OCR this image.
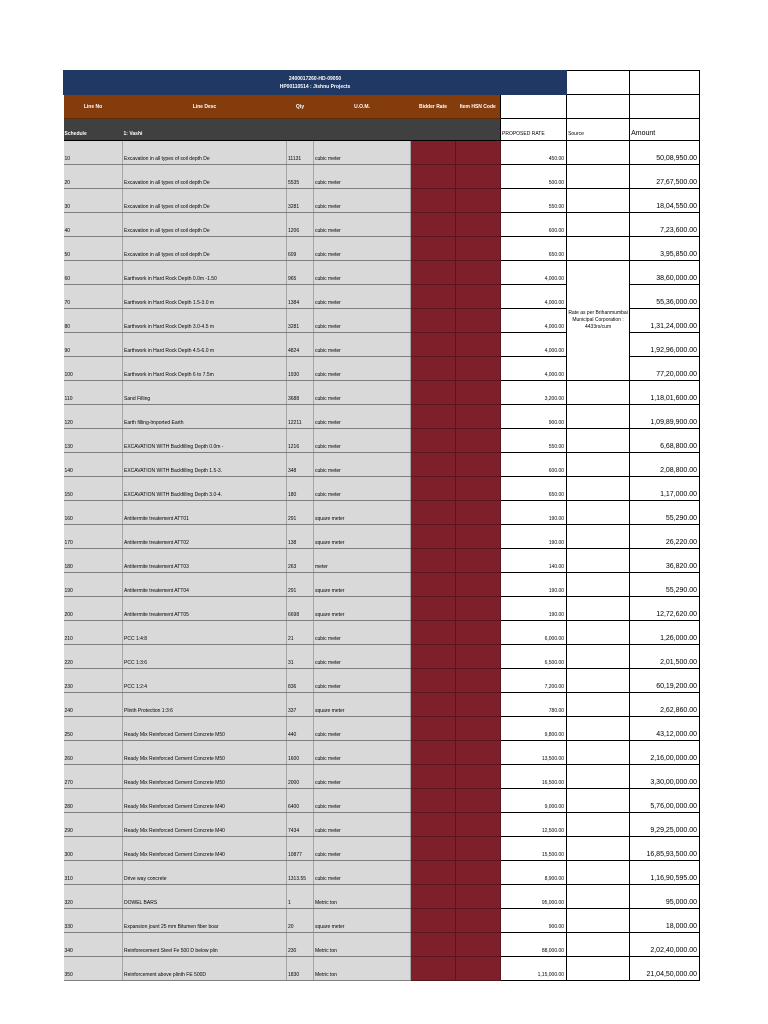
2400017260-HD-09050
HP00110514 : Jishnu Projects								

Line No	Line Desc	Qty	U.O.M.	Bidder Rate	Item HSN Code			
Schedule	1: Vashi					PROPOSED RATE	Source	Amount
10	Excavation in all types of soil depth De	11131	cubic meter			450.00		50,08,950.00
20	Excavation in all types of soil depth De	5535	cubic meter			500.00		27,67,500.00
30	Excavation in all types of soil depth De	3281	cubic meter			550.00		18,04,550.00
40	Excavation in all types of soil depth De	1206	cubic meter			600.00		7,23,600.00
50	Excavation in all types of soil depth De	609	cubic meter			650.00		3,95,850.00
60	Earthwork in Hard Rock Depth 0.0m -1.50	965	cubic meter			4,000.00	Rate as per Brihanmumbai Municipal Corporation : 4433rs/cum	38,60,000.00
70	Earthwork in Hard Rock Depth 1.5-3.0 m	1384	cubic meter			4,000.00		55,36,000.00
80	Earthwork in Hard Rock Depth 3.0-4.5 m	3281	cubic meter			4,000.00		1,31,24,000.00
90	Earthwork in Hard Rock Depth 4.5-6.0 m	4824	cubic meter			4,000.00		1,92,96,000.00
100	Earthwork in Hard Rock Depth 6 to 7.5m	1930	cubic meter			4,000.00		77,20,000.00
110	Sand Filling	3688	cubic meter			3,200.00		1,18,01,600.00
120	Earth filling-Imported Earth	12211	cubic meter			900.00		1,09,89,900.00
130	EXCAVATION WITH Backfilling Depth 0.0m -	1216	cubic meter			550.00		6,68,800.00
140	EXCAVATION WITH Backfilling Depth 1.5-3.	348	cubic meter			600.00		2,08,800.00
150	EXCAVATION WITH Backfilling Depth 3.0-4.	180	cubic meter			650.00		1,17,000.00
160	Antitermite treatement ATT01	291	square meter			190.00		55,290.00
170	Antitermite treatement ATT02	138	square meter			190.00		26,220.00
180	Antitermite treatement ATT03	263	meter			140.00		36,820.00
190	Antitermite treatement ATT04	291	square meter			190.00		55,290.00
200	Antitermite treatement ATT05	6698	square meter			190.00		12,72,620.00
210	PCC 1:4:8	21	cubic meter			6,000.00		1,26,000.00
220	PCC 1:3:6	31	cubic meter			6,500.00		2,01,500.00
230	PCC 1:2:4	836	cubic meter			7,200.00		60,19,200.00
240	Plinth Protection 1:3:6	337	square meter			780.00		2,62,860.00
250	Ready Mix Reinforced Cement Concrete M50	440	cubic meter			9,800.00		43,12,000.00
260	Ready Mix Reinforced Cement Concrete M50	1600	cubic meter			13,500.00		2,16,00,000.00
270	Ready Mix Reinforced Cement Concrete M50	2000	cubic meter			16,500.00		3,30,00,000.00
280	Ready Mix Reinforced Cement Concrete M40	6400	cubic meter			9,000.00		5,76,00,000.00
290	Ready Mix Reinforced Cement Concrete M40	7434	cubic meter			12,500.00		9,29,25,000.00
300	Ready Mix Reinforced Cement Concrete M40	10877	cubic meter			15,500.00		16,85,93,500.00
310	Drive way concrete	1313.55	cubic meter			8,900.00		1,16,90,595.00
320	DOWEL BARS	1	Metric ton			95,000.00		95,000.00
330	Expansion jount 25 mm Bitumen fiber boar	20	square meter			900.00		18,000.00
340	Reinforecement Steel Fe 500 D below plin	230	Metric ton			88,000.00		2,02,40,000.00
350	Reinforcement above plinth FE 500D	1830	Metric ton			1,15,000.00		21,04,50,000.00
